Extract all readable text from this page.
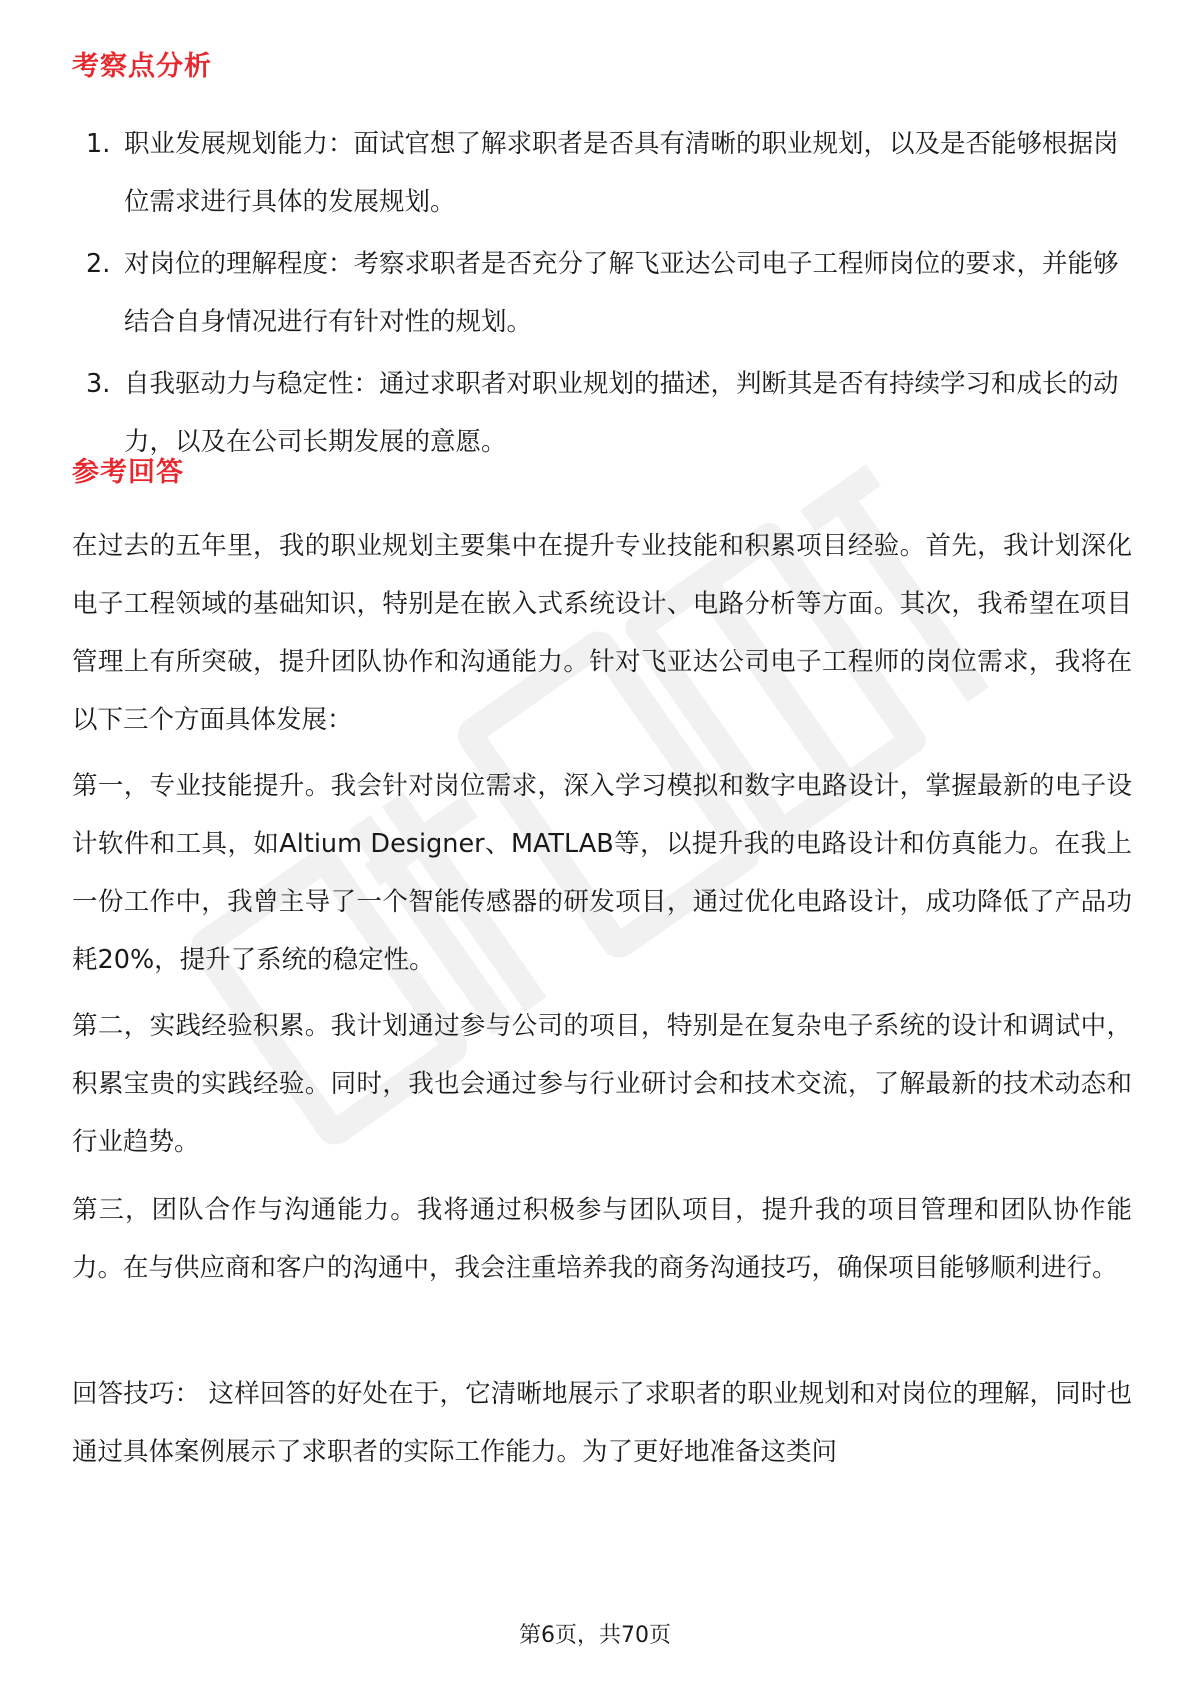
考察点分析
1. 职业发展规划能力：面试官想了解求职者是否具有清晰的职业规划，以及是否能够根据岗位需求进行具体的发展规划。
2. 对岗位的理解程度：考察求职者是否充分了解飞亚达公司电子工程师岗位的要求，并能够结合自身情况进行有针对性的规划。
3. 自我驱动力与稳定性：通过求职者对职业规划的描述，判断其是否有持续学习和成长的动力，以及在公司长期发展的意愿。
参考回答

在过去的五年里，我的职业规划主要集中在提升专业技能和积累项目经验。首先，我计划深化电子工程领域的基础知识，特别是在嵌入式系统设计、电路分析等方面。其次，我希望在项目管理上有所突破，提升团队协作和沟通能力。针对飞亚达公司电子工程师的岗位需求，我将在以下三个方面具体发展：

第一，专业技能提升。我会针对岗位需求，深入学习模拟和数字电路设计，掌握最新的电子设计软件和工具，如Altium Designer、MATLAB等，以提升我的电路设计和仿真能力。在我上一份工作中，我曾主导了一个智能传感器的研发项目，通过优化电路设计，成功降低了产品功耗20%，提升了系统的稳定性。

第二，实践经验积累。我计划通过参与公司的项目，特别是在复杂电子系统的设计和调试中，积累宝贵的实践经验。同时，我也会通过参与行业研讨会和技术交流，了解最新的技术动态和行业趋势。

第三，团队合作与沟通能力。我将通过积极参与团队项目，提升我的项目管理和团队协作能力。在与供应商和客户的沟通中，我会注重培养我的商务沟通技巧，确保项目能够顺利进行。

回答技巧： 这样回答的好处在于，它清晰地展示了求职者的职业规划和对岗位的理解，同时也通过具体案例展示了求职者的实际工作能力。为了更好地准备这类问

第6页，共70页
